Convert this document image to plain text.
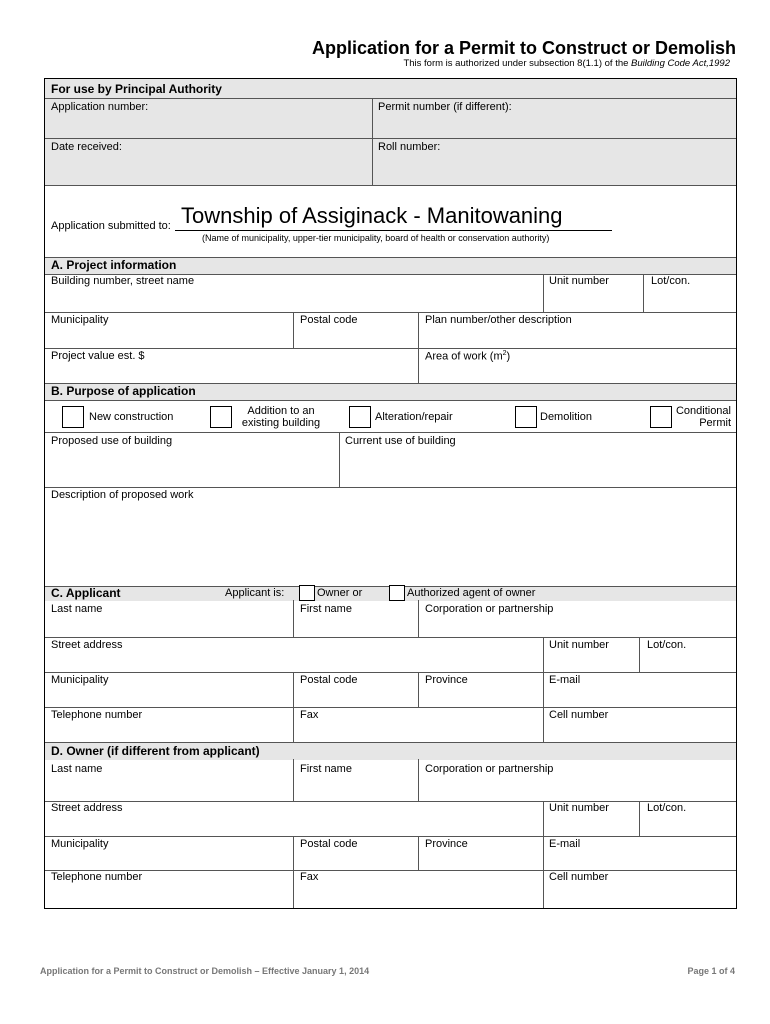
Application for a Permit to Construct or Demolish
This form is authorized under subsection 8(1.1) of the Building Code Act,1992
For use by Principal Authority
Application number:	Permit number (if different):
Date received:	Roll number:
Application submitted to: Township of Assiginack - Manitowaning
(Name of municipality, upper-tier municipality, board of health or conservation authority)
A. Project information
Building number, street name	Unit number	Lot/con.
Municipality	Postal code	Plan number/other description
Project value est. $	Area of work $(m^2)$
B. Purpose of application
New construction	Addition to an
existing building	Alteration/repair	Demolition	Conditional
Permit
Proposed use of building	Current use of building
Description of proposed work
C. Applicant	Applicant is:	Owner or	Authorized agent of owner
Last name	First name	Corporation or partnership
Street address	Unit number	Lot/con.
Municipality	Postal code	Province	E-mail
Telephone number	Fax	Cell number
D. Owner (if different from applicant)
Last name	First name	Corporation or partnership
Street address	Unit number	Lot/con.
Municipality	Postal code	Province	E-mail
Telephone number	Fax	Cell number
Application for a Permit to Construct or Demolish – Effective January 1, 2014	Page 1 of 4
